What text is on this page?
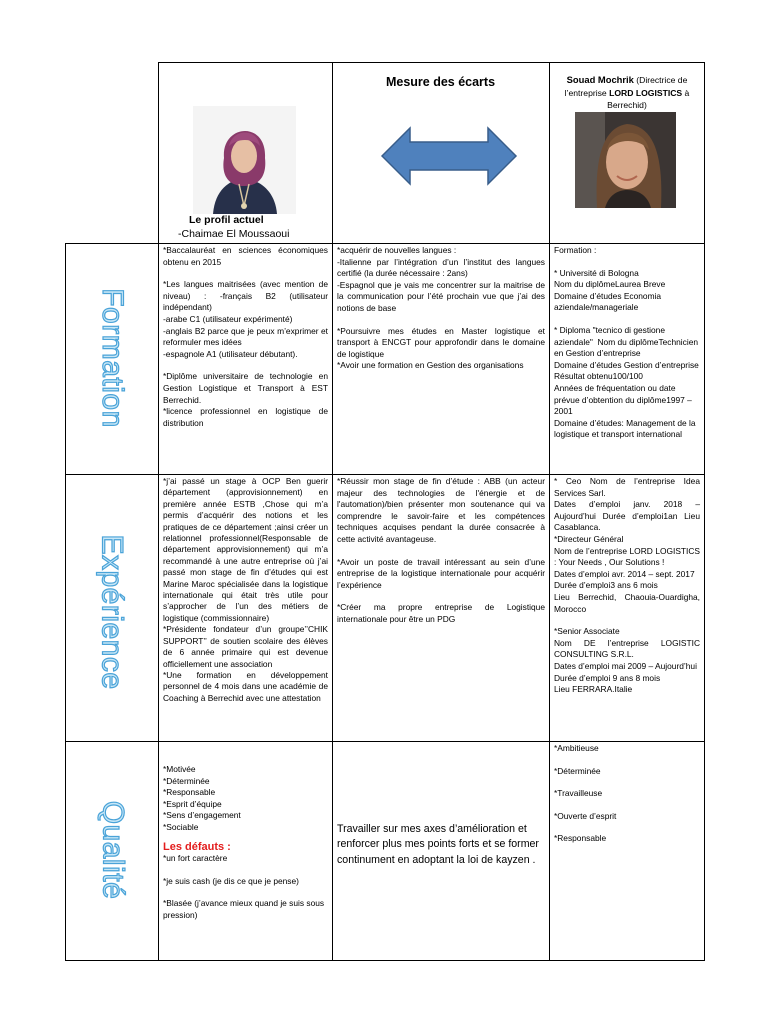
Le profil actuel
-Chaimae El Moussaoui
Mesure des écarts	Souad Mochrik (Directrice de
l’entreprise LORD LOGISTICS à
Berrechid)
Formation
Expérience
Qualité

*Baccalauréat en sciences économiques obtenu en 2015

*Les langues maitrisées (avec mention de niveau) : -français B2 (utilisateur indépendant)

-arabe C1 (utilisateur expérimenté)

-anglais B2 parce que je peux m’exprimer et reformuler mes idées

-espagnole A1 (utilisateur débutant).

*Diplôme universitaire de technologie en Gestion Logistique et Transport à EST Berrechid.

*licence professionnel en logistique de distribution

*acquérir de nouvelles langues :

-Italienne par l’intégration d’un l’institut des langues certifié (la durée nécessaire : 2ans)

-Espagnol que je vais me concentrer sur la maitrise de la communication pour l’été prochain vue que j’ai des notions de base

*Poursuivre mes études en Master logistique et transport à ENCGT pour approfondir dans le domaine de logistique

*Avoir une formation en Gestion des organisations

Formation :

* Université di Bologna

Nom du diplômeLaurea Breve

Domaine d’études Economia aziendale/manageriale

* Diploma "tecnico di gestione aziendale"  Nom du diplômeTechnicien en Gestion d’entreprise

Domaine d’études Gestion d’entreprise Résultat obtenu100/100

Années de fréquentation ou date prévue d’obtention du diplôme1997 – 2001

Domaine d’études: Management de la logistique et transport international

*j’ai passé un stage à OCP Ben guerir département (approvisionnement) en première année ESTB ,Chose qui m’a permis d’acquérir des notions et les pratiques de ce département ;ainsi créer un relationnel professionnel(Responsable de département approvisionnement) qui m’a recommandé à une autre entreprise où j’ai passé mon stage de fin d’études qui est Marine Maroc spécialisée dans la logistique internationale qui était très utile pour s’approcher de l’un des métiers de logistique (commissionnaire)

*Présidente fondateur d’un groupe’’CHIK SUPPORT’’ de soutien scolaire des élèves de 6 année primaire qui est devenue officiellement une association

*Une formation en développement personnel de 4 mois dans une académie de Coaching à Berrechid avec une attestation

*Réussir mon stage de fin d’étude : ABB (un acteur majeur des technologies de l'énergie et de l'automation)/bien présenter mon soutenance qui va comprendre le savoir-faire et les compétences techniques acquises pendant la durée consacrée à cette activité avantageuse.

*Avoir un poste de travail intéressant au sein d’une entreprise de la logistique internationale pour acquérir l’expérience

*Créer ma propre entreprise de Logistique internationale pour être un PDG

* Ceo Nom de l’entreprise Idea Services Sarl.

Dates d’emploi janv. 2018 – Aujourd’hui Durée d’emploi1an Lieu Casablanca.

*Directeur Général

Nom de l’entreprise LORD LOGISTICS : Your Needs , Our Solutions !

Dates d’emploi avr. 2014 – sept. 2017

Durée d’emploi3 ans 6 mois

Lieu Berrechid, Chaouia-Ouardigha, Morocco

*Senior Associate

Nom DE l’entreprise LOGISTIC CONSULTING S.R.L.

Dates d’emploi mai 2009 – Aujourd’hui

Durée d’emploi 9 ans 8 mois

Lieu FERRARA.Italie

*Motivée

*Déterminée

*Responsable

*Esprit d’équipe

*Sens d’engagement

*Sociable

Les défauts :

*un fort caractère

*je suis cash (je dis ce que je pense)

*Blasée (j’avance mieux quand je suis sous pression)

Travailler sur mes axes d’amélioration et renforcer plus mes points forts et se former continument en adoptant la loi de kayzen .

*Ambitieuse

*Déterminée

*Travailleuse

*Ouverte d’esprit

*Responsable
